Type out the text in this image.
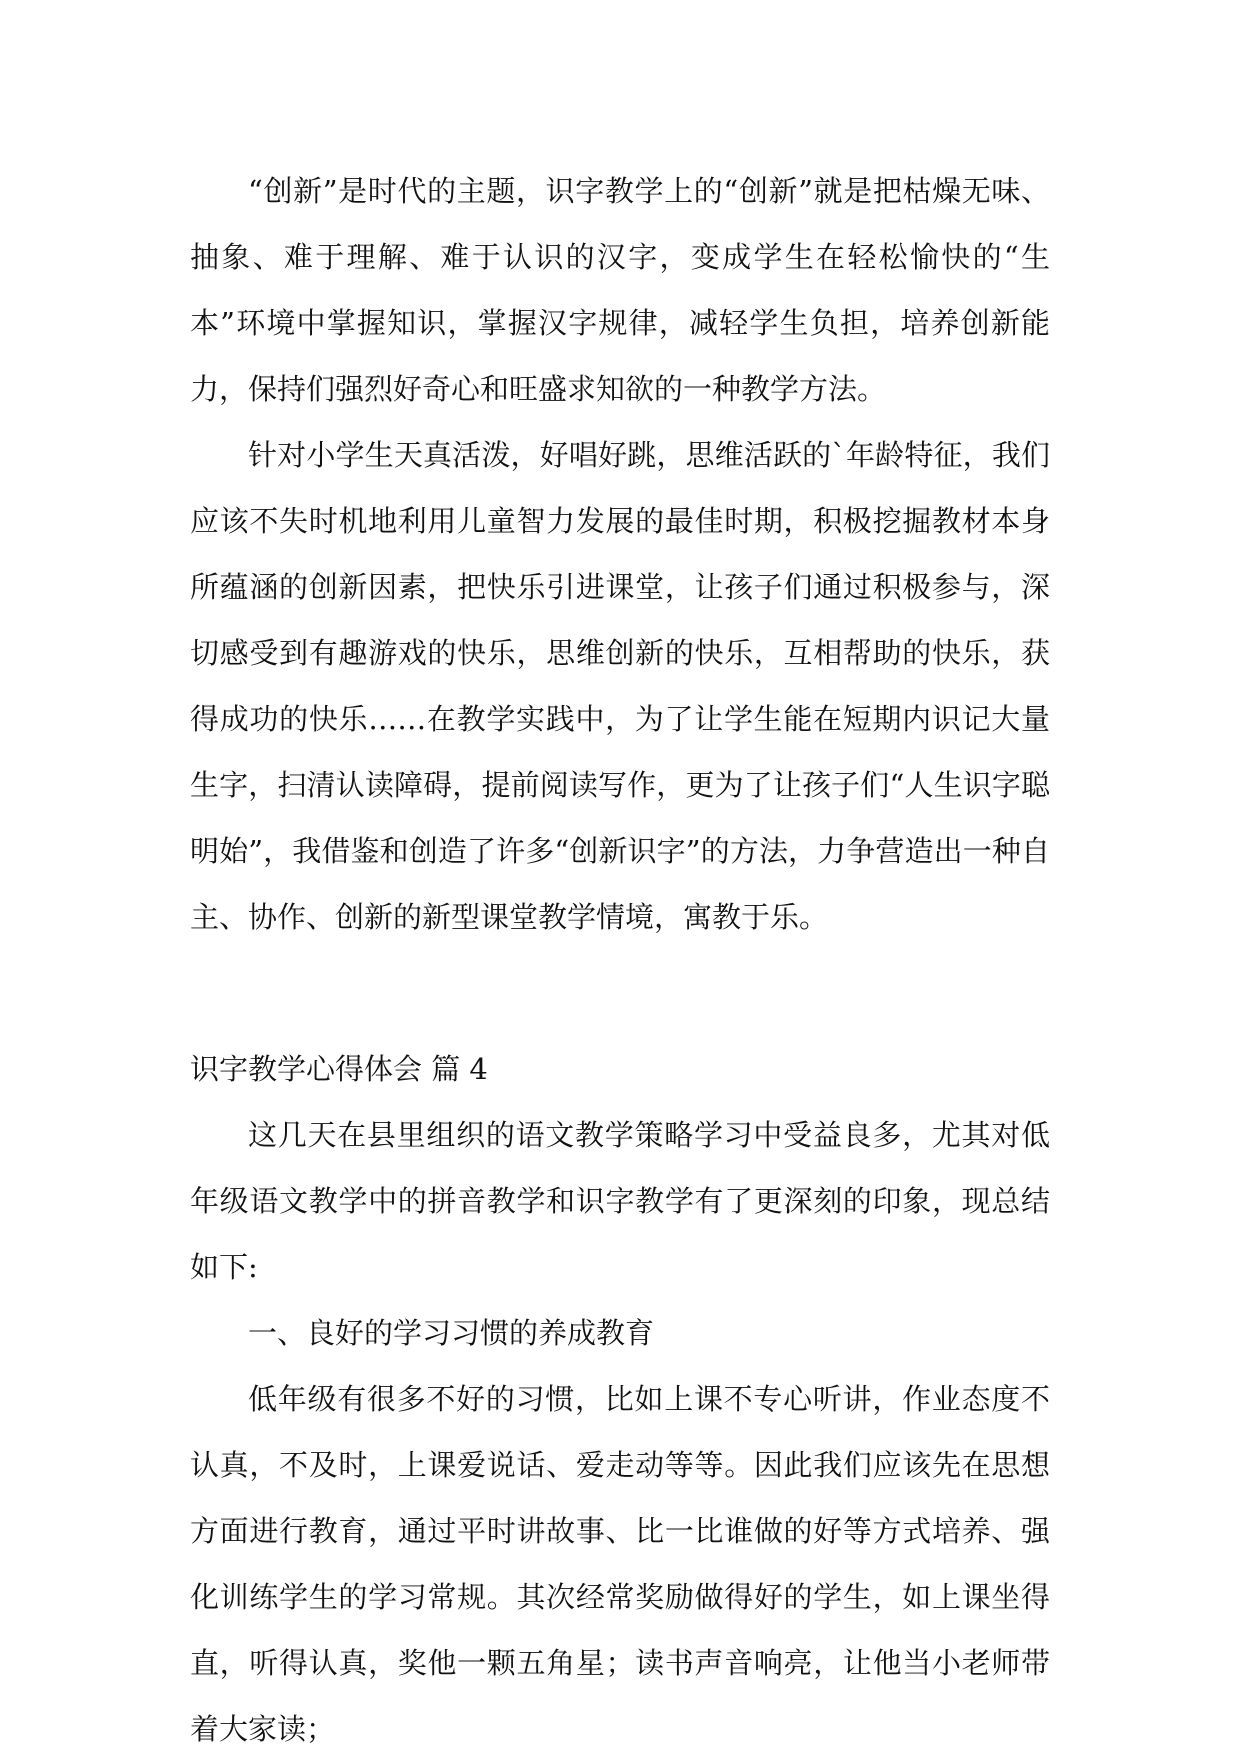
“创新”是时代的主题，识字教学上的“创新”就是把枯燥无味、抽象、难于理解、难于认识的汉字，变成学生在轻松愉快的“生本”环境中掌握知识，掌握汉字规律，减轻学生负担，培养创新能力，保持们强烈好奇心和旺盛求知欲的一种教学方法。

针对小学生天真活泼，好唱好跳，思维活跃的`年龄特征，我们应该不失时机地利用儿童智力发展的最佳时期，积极挖掘教材本身所蕴涵的创新因素，把快乐引进课堂，让孩子们通过积极参与，深切感受到有趣游戏的快乐，思维创新的快乐，互相帮助的快乐，获得成功的快乐……在教学实践中，为了让学生能在短期内识记大量生字，扫清认读障碍，提前阅读写作，更为了让孩子们“人生识字聪明始”，我借鉴和创造了许多“创新识字”的方法，力争营造出一种自主、协作、创新的新型课堂教学情境，寓教于乐。

识字教学心得体会 篇 4

这几天在县里组织的语文教学策略学习中受益良多，尤其对低年级语文教学中的拼音教学和识字教学有了更深刻的印象，现总结如下:

一、良好的学习习惯的养成教育

低年级有很多不好的习惯，比如上课不专心听讲，作业态度不认真，不及时，上课爱说话、爱走动等等。因此我们应该先在思想方面进行教育，通过平时讲故事、比一比谁做的好等方式培养、强化训练学生的学习常规。其次经常奖励做得好的学生，如上课坐得直，听得认真，奖他一颗五角星；读书声音响亮，让他当小老师带着大家读；
